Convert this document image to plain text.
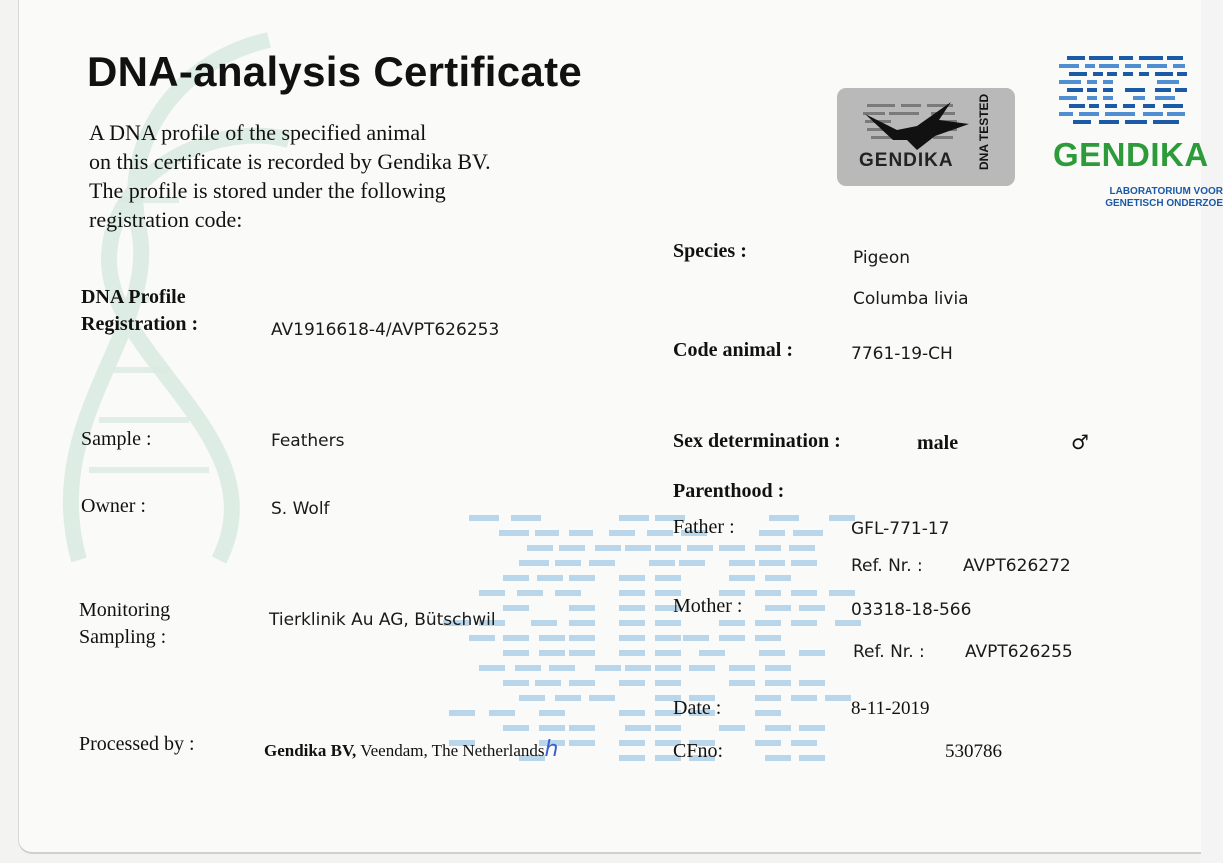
DNA-analysis Certificate
A DNA profile of the specified animal
on this certificate is recorded by Gendika BV.
The profile is stored under the following
registration code:
GENDIKA DNA TESTED GENDIKA
LABORATORIUM VOOR
GENETISCH ONDERZOE
DNA Profile
Registration :	AV1916618-4/AVPT626253
Sample :	Feathers
Owner :	S. Wolf
Monitoring
Sampling :
Tierklinik Au AG, Bütschwil
Processed by :	Gendika BV, Veendam, The Netherlandsh
Species :	Pigeon
Columba livia
Code animal :	7761-19-CH
Sex determination :	male	♂
Parenthood :
Father :	GFL-771-17
Ref. Nr. : AVPT626272
Mother :	03318-18-566
Ref. Nr. : AVPT626255
Date :	8-11-2019
CFno:	530786
